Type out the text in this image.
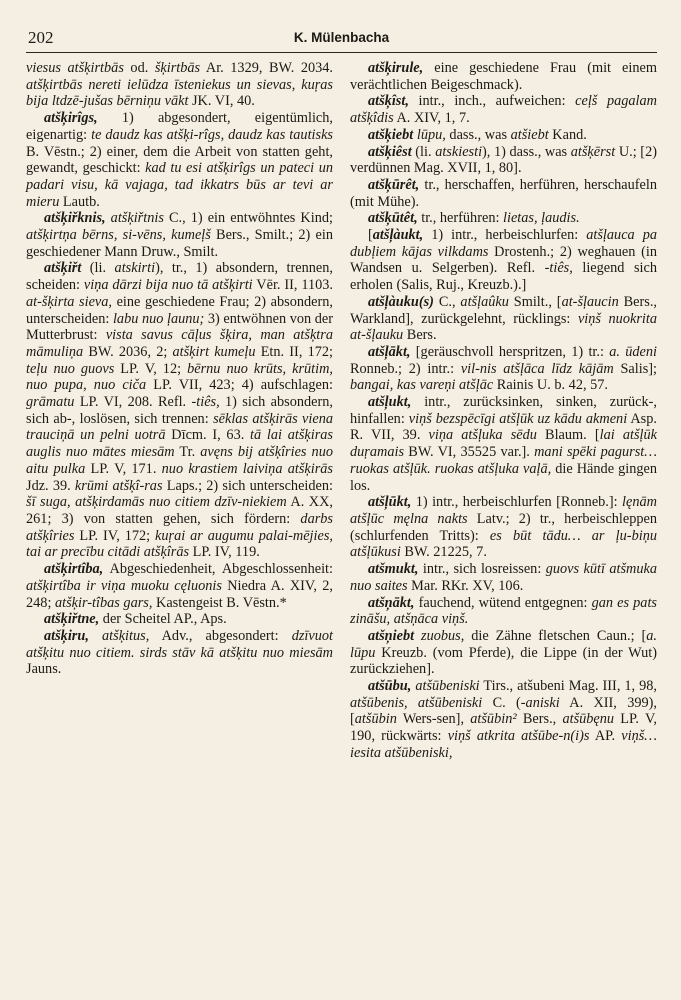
202	K. Mülenbacha

viesus atšķirtbās od. šķirtbās Ar. 1329, BW. 2034. atšķirtbās nereti ielūdza īsteniekus un sievas, kuŗas bija ltdzē-jušas bērniņu vākt JK. VI, 40.

atšķirîgs, 1) abgesondert, eigentümlich, eigenartig: te daudz kas atšķi-rîgs, daudz kas tautisks B. Vēstn.; 2) einer, dem die Arbeit von statten geht, gewandt, geschickt: kad tu esi atšķirîgs un pateci un padari visu, kā vajaga, tad ikkatrs būs ar tevi ar mieru Lautb.

atšķiřknis, atšķiřtnis C., 1) ein entwöhntes Kind; atšķirtņa bērns, si-vēns, kumeļš Bers., Smilt.; 2) ein geschiedener Mann Druw., Smilt.

atšķiřt (li. atskirti), tr., 1) absondern, trennen, scheiden: viņa dārzi bija nuo tā atšķirti Vēr. II, 1103. at-šķirta sieva, eine geschiedene Frau; 2) absondern, unterscheiden: labu nuo ļaunu; 3) entwöhnen von der Mutterbrust: vista savus cāļus šķira, man atšķtra māmuliņa BW. 2036, 2; atšķirt kumeļu Etn. II, 172; teļu nuo guovs LP. V, 12; bērnu nuo krūts, krūtim, nuo pupa, nuo ciča LP. VII, 423; 4) aufschlagen: grāmatu LP. VI, 208. Refl. -tiês, 1) sich absondern, sich ab-, loslösen, sich trennen: sēklas atšķirās viena trauciņā un pelni uotrā Dīcm. I, 63. tā lai atšķiras auglis nuo mātes miesām Tr. avęns bij atšķîries nuo aitu pulka LP. V, 171. nuo krastiem laiviņa atšķirās Jdz. 39. krūmi atšķî-ras Laps.; 2) sich unterscheiden: šī suga, atšķirdamās nuo citiem dzīv-niekiem A. XX, 261; 3) von statten gehen, sich fördern: darbs atšķîries LP. IV, 172; kuŗai ar augumu palai-mējies, tai ar precību citādi atšķîrās LP. IV, 119.

atšķirtîba, Abgeschiedenheit, Abgeschlossenheit: atšķirtîba ir viņa muoku cęluonis Niedra A. XIV, 2, 248; atšķir-tîbas gars, Kastengeist B. Vēstn.*

atšķiřtne, der Scheitel AP., Aps.

atšķiru, atšķitus, Adv., abgesondert: dzīvuot atšķitu nuo citiem. sirds stāv kā atšķitu nuo miesām Jauns.

atšķirule, eine geschiedene Frau (mit einem verächtlichen Beigeschmack).

atšķîst, intr., inch., aufweichen: ceļš pagalam atšķîdis A. XIV, 1, 7.

atšķiebt lūpu, dass., was atšiebt Kand.

atšķiêst (li. atskiesti), 1) dass., was atšķērst U.; [2) verdünnen Mag. XVII, 1, 80].

atšķūrêt, tr., herschaffen, herführen, herschaufeln (mit Mühe).

atšķūtêt, tr., herführen: lietas, ļaudis.

[atšļàukt, 1) intr., herbeischlurfen: atšļauca pa dubļiem kājas vilkdams Drostenh.; 2) weghauen (in Wandsen u. Selgerben). Refl. -tiês, liegend sich erholen (Salis, Ruj., Kreuzb.).]

atšļàuku(s) C., atšļaûku Smilt., [at-šļaucin Bers., Warkland], zurückgelehnt, rücklings: viņš nuokrita at-šļauku Bers.

atšļākt, [geräuschvoll herspritzen, 1) tr.: a. ūdeni Ronneb.; 2) intr.: vil-nis atšļāca līdz kājām Salis]; bangai, kas vareņi atšļāc Rainis U. b. 42, 57.

atšļukt, intr., zurücksinken, sinken, zurück-, hinfallen: viņš bezspēcīgi atšļūk uz kādu akmeni Asp. R. VII, 39. viņa atšļuka sēdu Blaum. [lai atšļūk duŗamais BW. VI, 35525 var.]. mani spēki pagurst… ruokas atšļūk. ruokas atšļuka vaļā, die Hände gingen los.

atšļūkt, 1) intr., herbeischlurfen [Ronneb.]: lęnām atšļūc męlna nakts Latv.; 2) tr., herbeischleppen (schlurfenden Tritts): es būt tādu… ar ļu-biņu atšļūkusi BW. 21225, 7.

atšmukt, intr., sich losreissen: guovs kūtī atšmuka nuo saites Mar. RKr. XV, 106.

atšņākt, fauchend, wütend entgegnen: gan es pats zināšu, atšņāca viņš.

atšņiebt zuobus, die Zähne fletschen Caun.; [a. lūpu Kreuzb. (vom Pferde), die Lippe (in der Wut) zurückziehen].

atšūbu, atšūbeniski Tirs., atšubeni Mag. III, 1, 98, atšūbenis, atšūbeniski C. (-aniski A. XII, 399), [atšūbin Wers-sen], atšūbin² Bers., atšūbęnu LP. V, 190, rückwärts: viņš atkrita atšūbe-n(i)s AP. viņš… iesita atšūbeniski,
